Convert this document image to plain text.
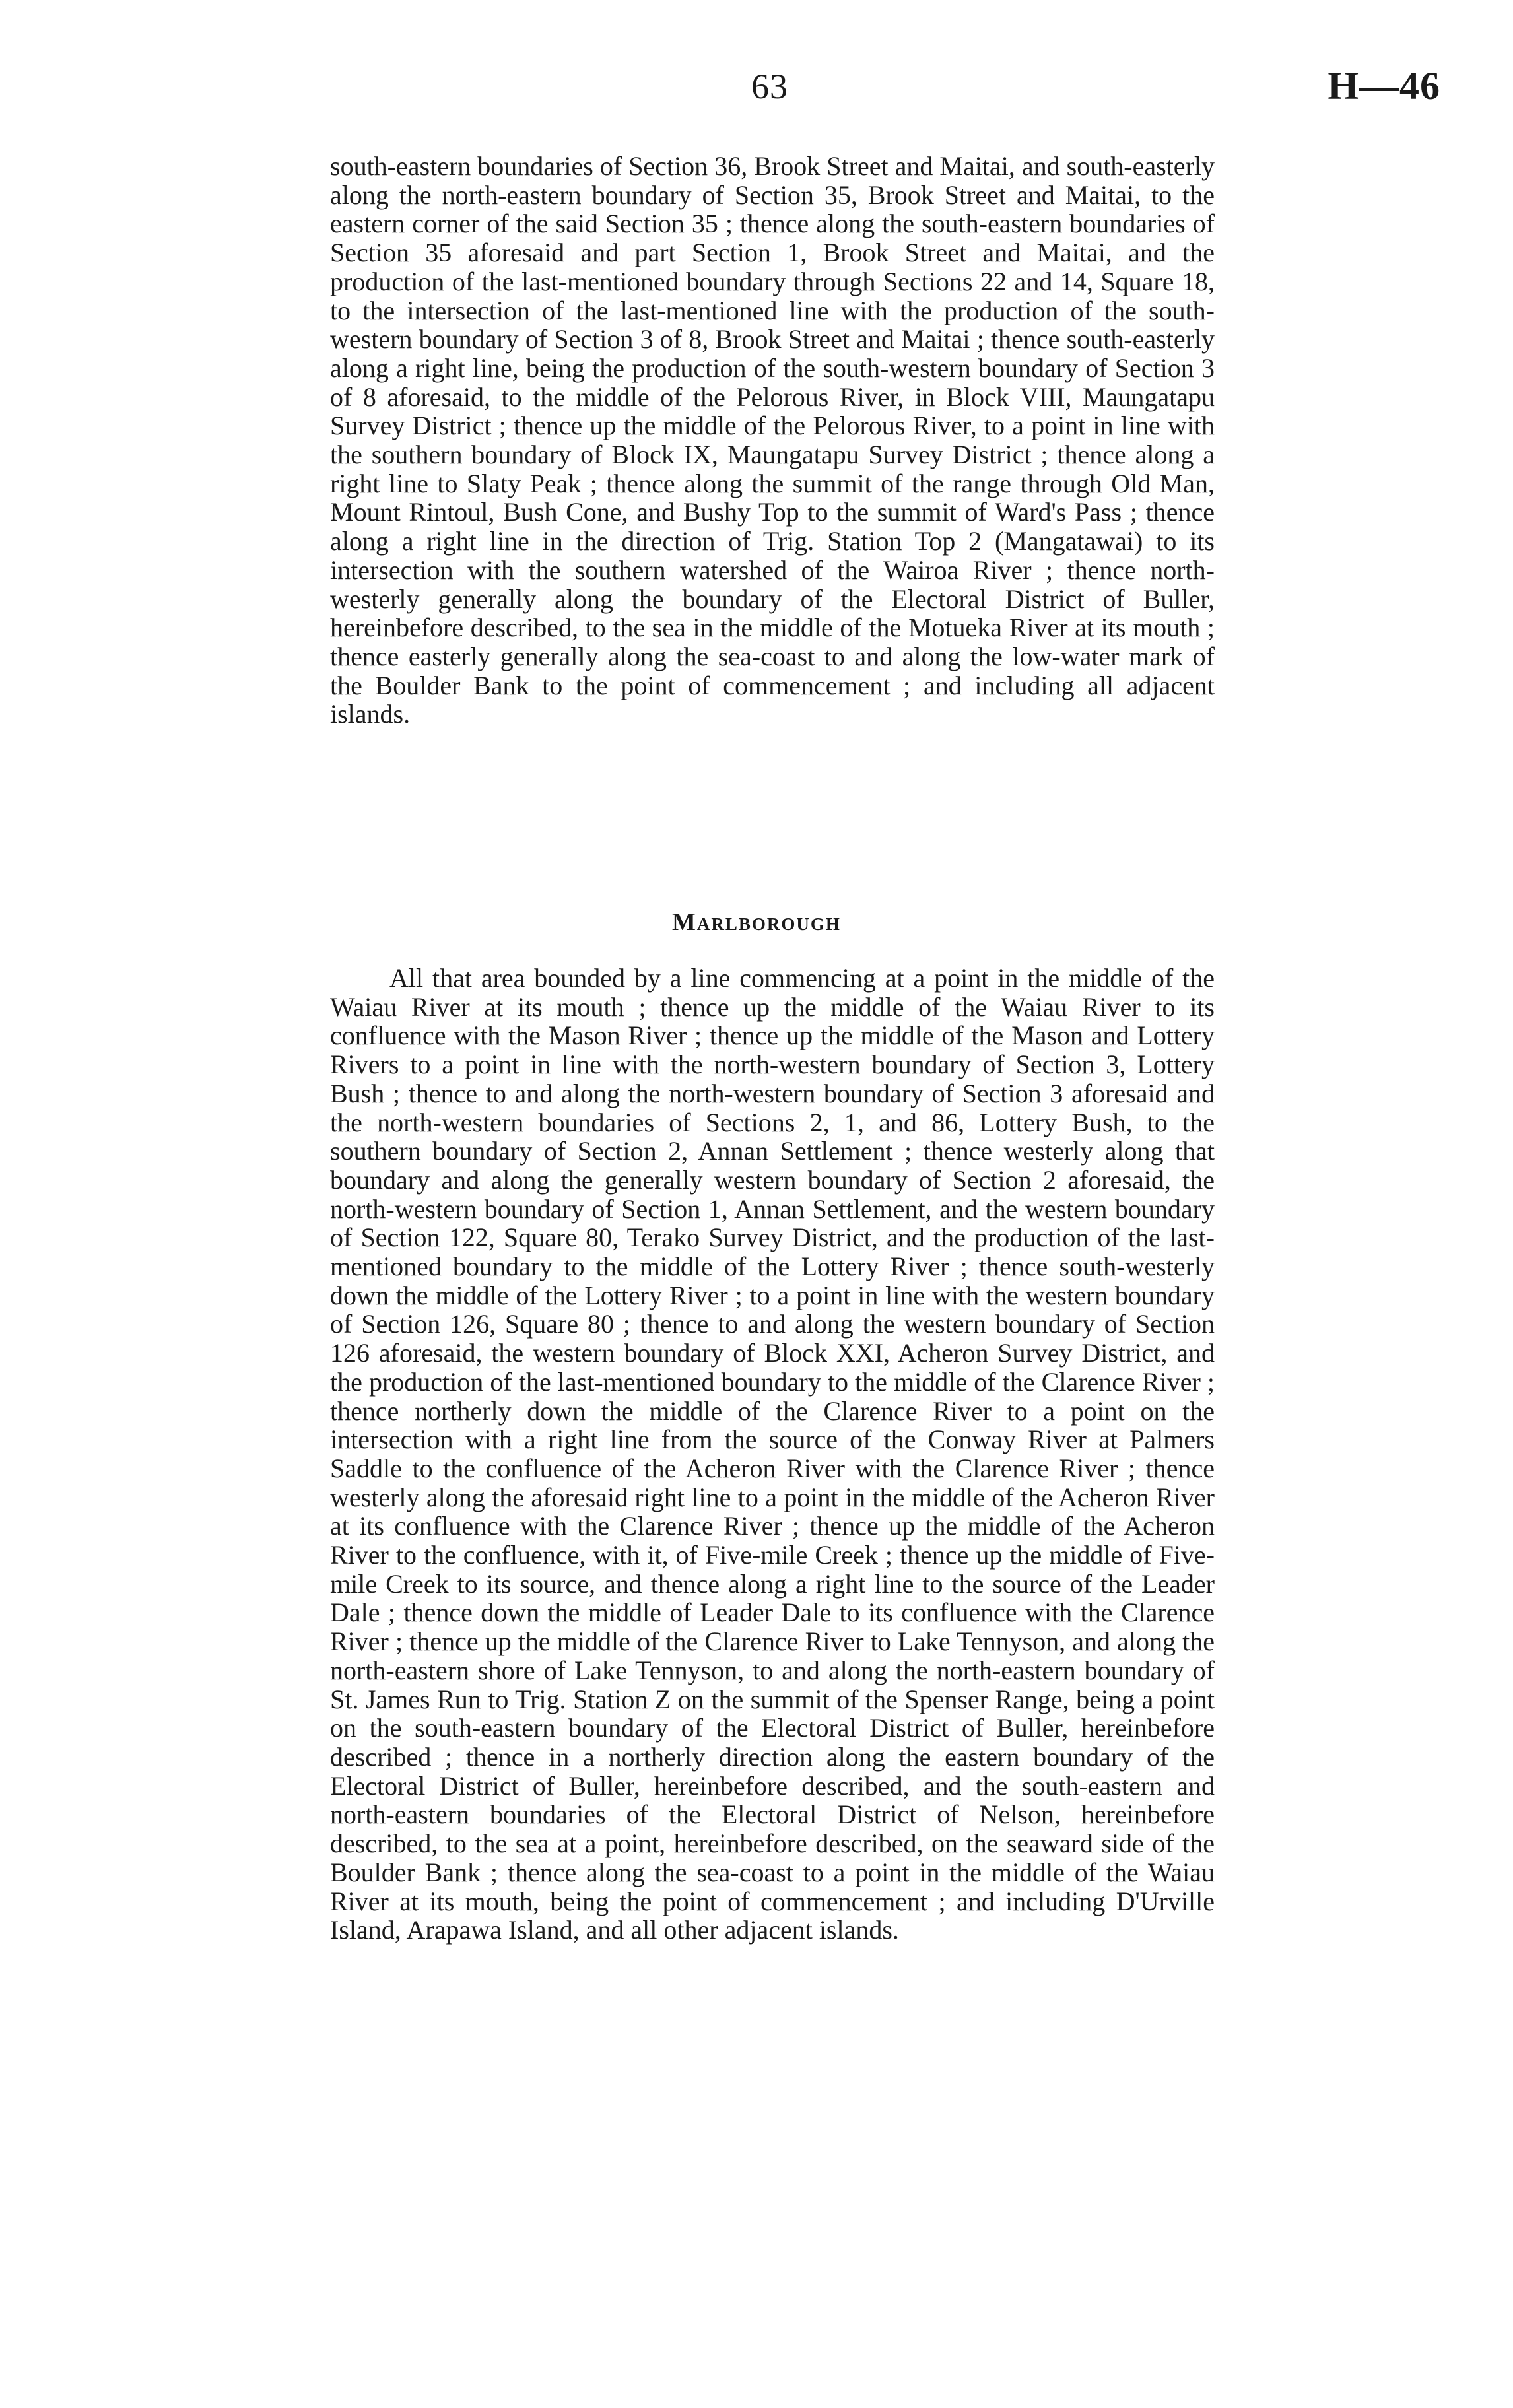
63	H—46

south-eastern boundaries of Section 36, Brook Street and Maitai, and south-easterly along the north-eastern boundary of Section 35, Brook Street and Maitai, to the eastern corner of the said Section 35 ; thence along the south-eastern boundaries of Section 35 aforesaid and part Section 1, Brook Street and Maitai, and the production of the last-mentioned boundary through Sections 22 and 14, Square 18, to the intersection of the last-mentioned line with the production of the south-western boundary of Section 3 of 8, Brook Street and Maitai ; thence south-easterly along a right line, being the production of the south-western boundary of Section 3 of 8 aforesaid, to the middle of the Pelorous River, in Block VIII, Maungatapu Survey District ; thence up the middle of the Pelorous River, to a point in line with the southern boundary of Block IX, Maungatapu Survey District ; thence along a right line to Slaty Peak ; thence along the summit of the range through Old Man, Mount Rintoul, Bush Cone, and Bushy Top to the summit of Ward's Pass ; thence along a right line in the direction of Trig. Station Top 2 (Mangatawai) to its intersection with the southern watershed of the Wairoa River ; thence north-westerly generally along the boundary of the Electoral District of Buller, hereinbefore described, to the sea in the middle of the Motueka River at its mouth ; thence easterly generally along the sea-coast to and along the low-water mark of the Boulder Bank to the point of commencement ; and including all adjacent islands.

Marlborough

All that area bounded by a line commencing at a point in the middle of the Waiau River at its mouth ; thence up the middle of the Waiau River to its confluence with the Mason River ; thence up the middle of the Mason and Lottery Rivers to a point in line with the north-western boundary of Section 3, Lottery Bush ; thence to and along the north-western boundary of Section 3 aforesaid and the north-western boundaries of Sections 2, 1, and 86, Lottery Bush, to the southern boundary of Section 2, Annan Settlement ; thence westerly along that boundary and along the generally western boundary of Section 2 aforesaid, the north-western boundary of Section 1, Annan Settlement, and the western boundary of Section 122, Square 80, Terako Survey District, and the production of the last-mentioned boundary to the middle of the Lottery River ; thence south-westerly down the middle of the Lottery River ; to a point in line with the western boundary of Section 126, Square 80 ; thence to and along the western boundary of Section 126 aforesaid, the western boundary of Block XXI, Acheron Survey District, and the production of the last-mentioned boundary to the middle of the Clarence River ; thence northerly down the middle of the Clarence River to a point on the intersection with a right line from the source of the Conway River at Palmers Saddle to the confluence of the Acheron River with the Clarence River ; thence westerly along the aforesaid right line to a point in the middle of the Acheron River at its confluence with the Clarence River ; thence up the middle of the Acheron River to the confluence, with it, of Five-mile Creek ; thence up the middle of Five-mile Creek to its source, and thence along a right line to the source of the Leader Dale ; thence down the middle of Leader Dale to its confluence with the Clarence River ; thence up the middle of the Clarence River to Lake Tennyson, and along the north-eastern shore of Lake Tennyson, to and along the north-eastern boundary of St. James Run to Trig. Station Z on the summit of the Spenser Range, being a point on the south-eastern boundary of the Electoral District of Buller, hereinbefore described ; thence in a northerly direction along the eastern boundary of the Electoral District of Buller, hereinbefore described, and the south-eastern and north-eastern boundaries of the Electoral District of Nelson, hereinbefore described, to the sea at a point, hereinbefore described, on the seaward side of the Boulder Bank ; thence along the sea-coast to a point in the middle of the Waiau River at its mouth, being the point of commencement ; and including D'Urville Island, Arapawa Island, and all other adjacent islands.
